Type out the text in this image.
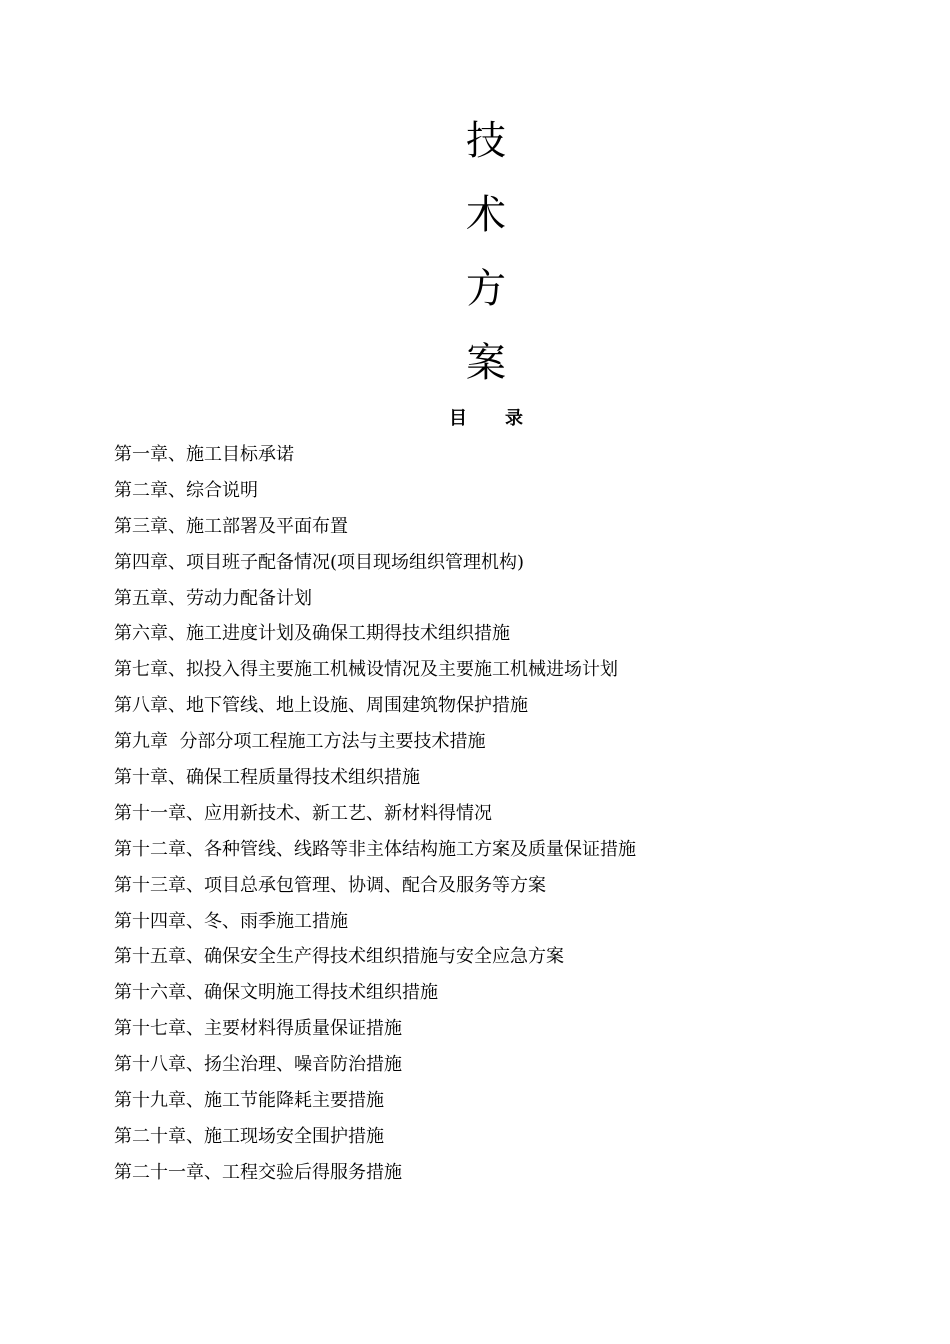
技
术
方
案
目 录
第一章、施工目标承诺
第二章、综合说明
第三章、施工部署及平面布置
第四章、项目班子配备情况(项目现场组织管理机构)
第五章、劳动力配备计划
第六章、施工进度计划及确保工期得技术组织措施
第七章、拟投入得主要施工机械设情况及主要施工机械进场计划
第八章、地下管线、地上设施、周围建筑物保护措施
第九章  分部分项工程施工方法与主要技术措施
第十章、确保工程质量得技术组织措施
第十一章、应用新技术、新工艺、新材料得情况
第十二章、各种管线、线路等非主体结构施工方案及质量保证措施
第十三章、项目总承包管理、协调、配合及服务等方案
第十四章、冬、雨季施工措施
第十五章、确保安全生产得技术组织措施与安全应急方案
第十六章、确保文明施工得技术组织措施
第十七章、主要材料得质量保证措施
第十八章、扬尘治理、噪音防治措施
第十九章、施工节能降耗主要措施
第二十章、施工现场安全围护措施
第二十一章、工程交验后得服务措施
